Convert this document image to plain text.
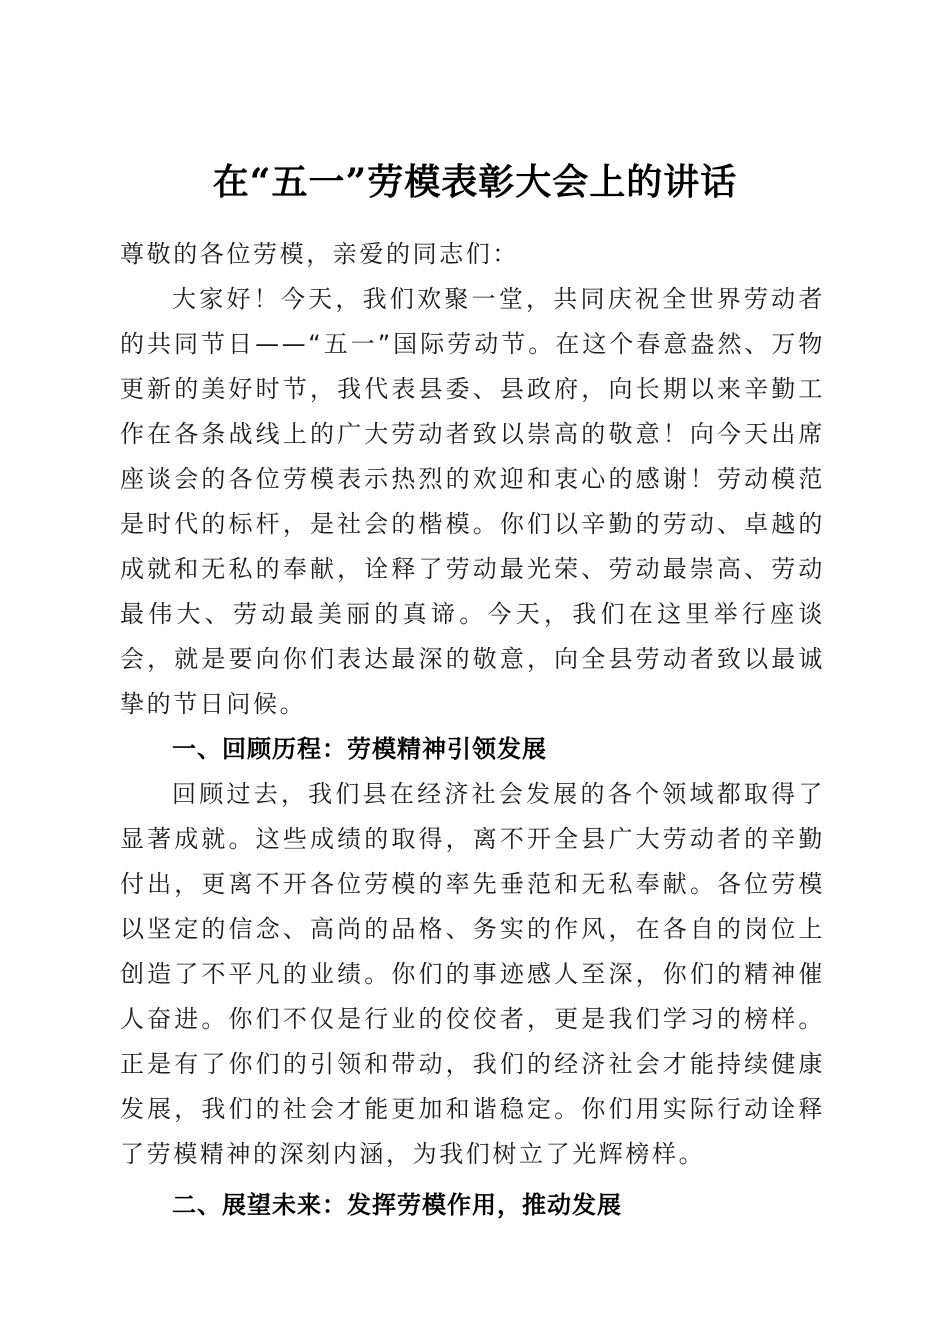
在“五一”劳模表彰大会上的讲话

尊敬的各位劳模，亲爱的同志们：

大家好！今天，我们欢聚一堂，共同庆祝全世界劳动者的共同节日——“五一”国际劳动节。在这个春意盎然、万物更新的美好时节，我代表县委、县政府，向长期以来辛勤工作在各条战线上的广大劳动者致以崇高的敬意！向今天出席座谈会的各位劳模表示热烈的欢迎和衷心的感谢！劳动模范是时代的标杆，是社会的楷模。你们以辛勤的劳动、卓越的成就和无私的奉献，诠释了劳动最光荣、劳动最崇高、劳动最伟大、劳动最美丽的真谛。今天，我们在这里举行座谈会，就是要向你们表达最深的敬意，向全县劳动者致以最诚挚的节日问候。

一、回顾历程：劳模精神引领发展

回顾过去，我们县在经济社会发展的各个领域都取得了显著成就。这些成绩的取得，离不开全县广大劳动者的辛勤付出，更离不开各位劳模的率先垂范和无私奉献。各位劳模以坚定的信念、高尚的品格、务实的作风，在各自的岗位上创造了不平凡的业绩。你们的事迹感人至深，你们的精神催人奋进。你们不仅是行业的佼佼者，更是我们学习的榜样。正是有了你们的引领和带动，我们的经济社会才能持续健康发展，我们的社会才能更加和谐稳定。你们用实际行动诠释了劳模精神的深刻内涵，为我们树立了光辉榜样。

二、展望未来：发挥劳模作用，推动发展
